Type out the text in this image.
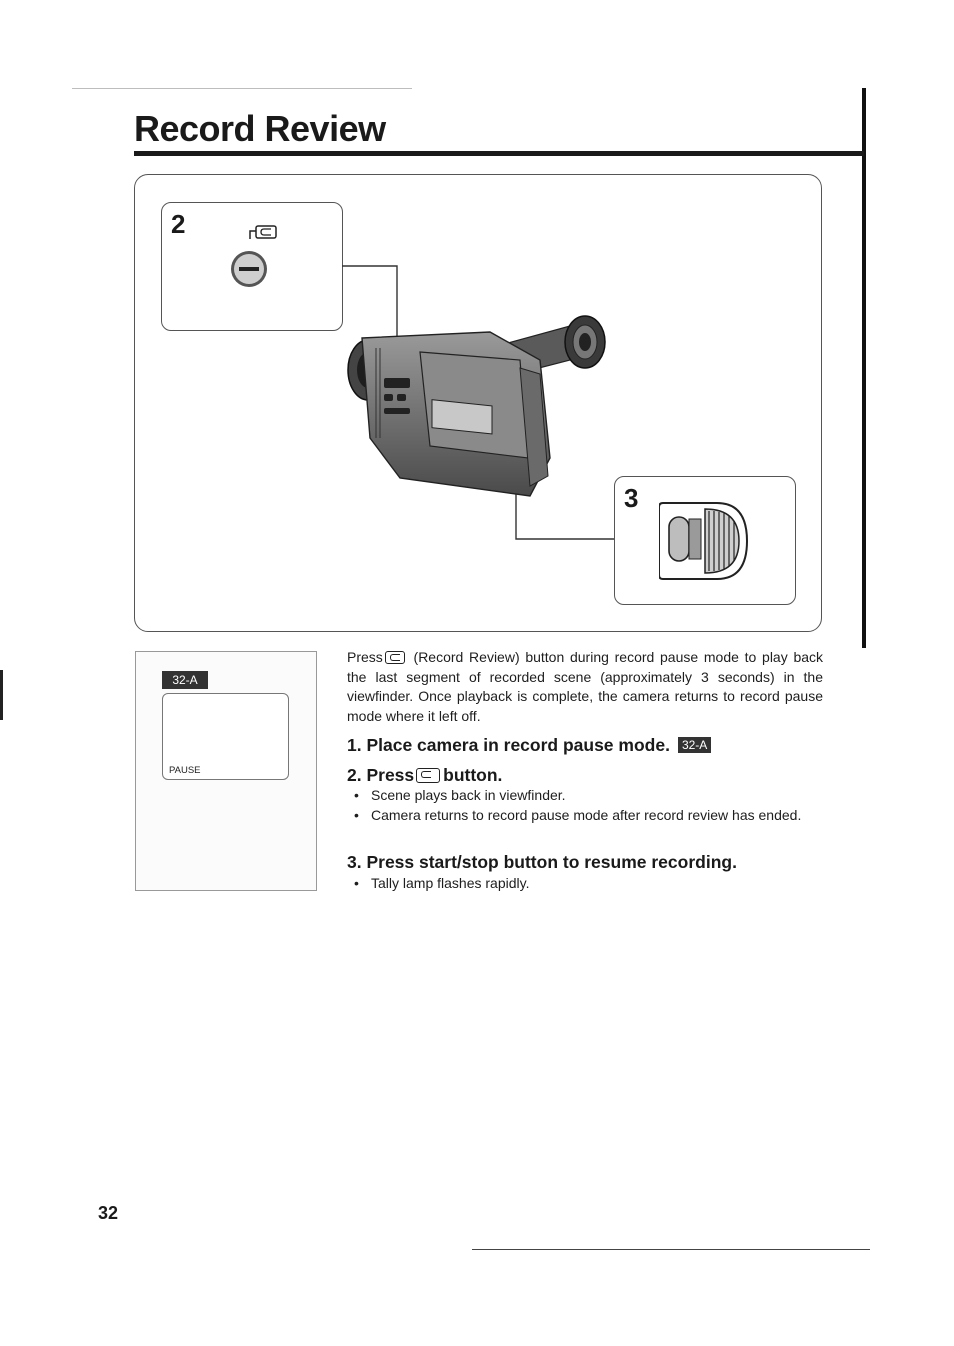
Record Review
2
3
32-A
PAUSE

Press (Record Review) button during record pause mode to play back the last segment of recorded scene (approximately 3 seconds) in the viewfinder. Once playback is complete, the camera returns to record pause mode where it left off.

1. Place camera in record pause mode. 32-A

2. Press button.

• Scene plays back in viewfinder.
• Camera returns to record pause mode after record review has ended.

3. Press start/stop button to resume recording.

• Tally lamp flashes rapidly.
32
